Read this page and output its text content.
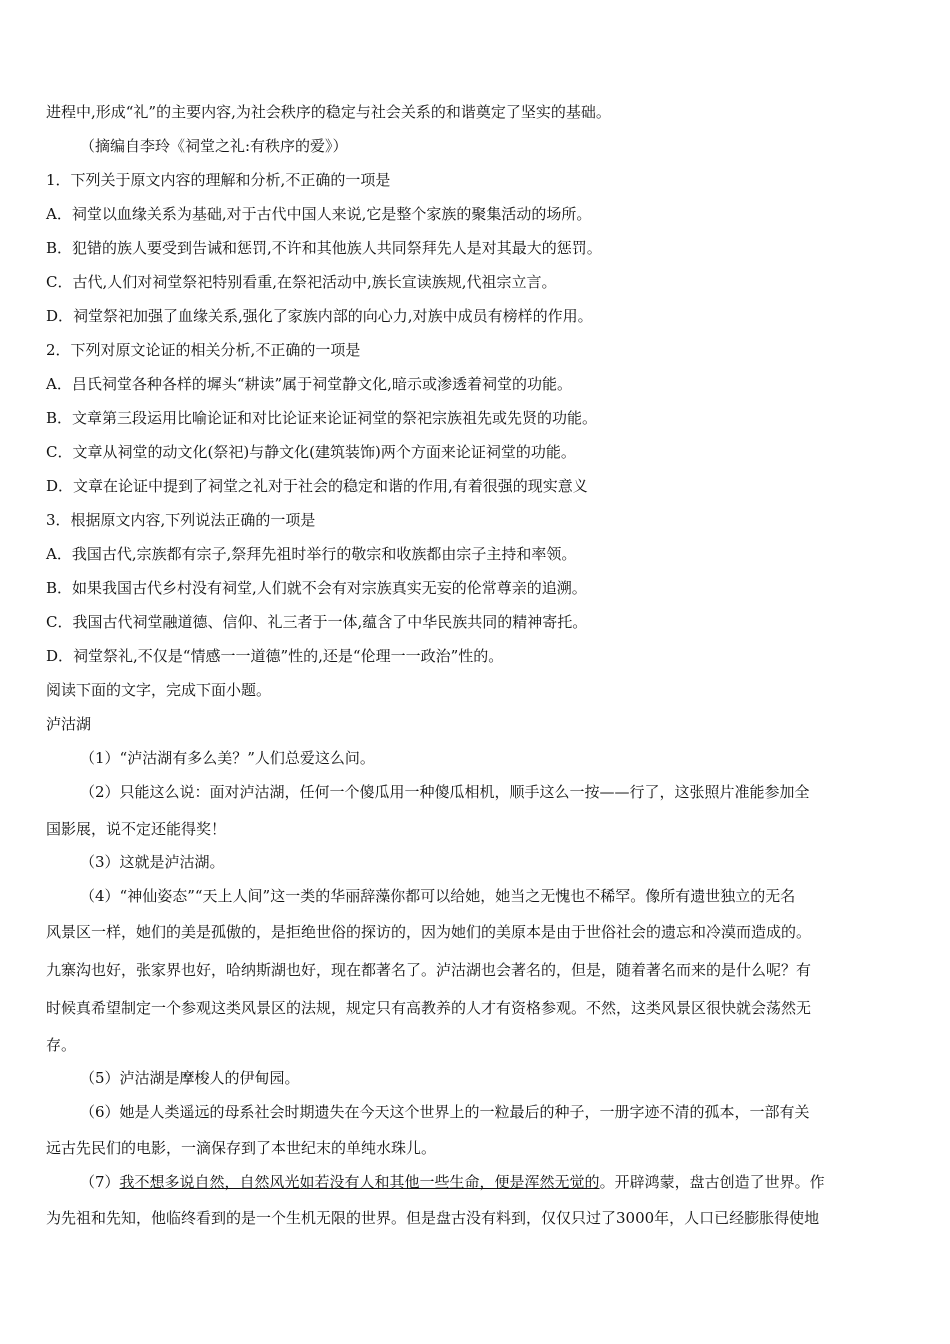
进程中,形成“礼”的主要内容,为社会秩序的稳定与社会关系的和谐奠定了坚实的基础。
（摘编自李玲《祠堂之礼:有秩序的爱》）
1．下列关于原文内容的理解和分析,不正确的一项是
A．祠堂以血缘关系为基础,对于古代中国人来说,它是整个家族的聚集活动的场所。
B．犯错的族人要受到告诫和惩罚,不许和其他族人共同祭拜先人是对其最大的惩罚。
C．古代,人们对祠堂祭祀特别看重,在祭祀活动中,族长宣读族规,代祖宗立言。
D．祠堂祭祀加强了血缘关系,强化了家族内部的向心力,对族中成员有榜样的作用。
2．下列对原文论证的相关分析,不正确的一项是
A．吕氏祠堂各种各样的墀头“耕读”属于祠堂静文化,暗示或渗透着祠堂的功能。
B．文章第三段运用比喻论证和对比论证来论证祠堂的祭祀宗族祖先或先贤的功能。
C．文章从祠堂的动文化(祭祀)与静文化(建筑装饰)两个方面来论证祠堂的功能。
D．文章在论证中提到了祠堂之礼对于社会的稳定和谐的作用,有着很强的现实意义
3．根据原文内容,下列说法正确的一项是
A．我国古代,宗族都有宗子,祭拜先祖时举行的敬宗和收族都由宗子主持和率领。
B．如果我国古代乡村没有祠堂,人们就不会有对宗族真实无妄的伦常尊亲的追溯。
C．我国古代祠堂融道德、信仰、礼三者于一体,蕴含了中华民族共同的精神寄托。
D．祠堂祭礼,不仅是“情感一一道德”性的,还是“伦理一一政治”性的。
阅读下面的文字，完成下面小题。
泸沽湖
（1）“泸沽湖有多么美？”人们总爱这么问。
（2）只能这么说：面对泸沽湖，任何一个傻瓜用一种傻瓜相机，顺手这么一按——行了，这张照片准能参加全
国影展，说不定还能得奖！
（3）这就是泸沽湖。
（4）“神仙姿态”“天上人间”这一类的华丽辞藻你都可以给她，她当之无愧也不稀罕。像所有遗世独立的无名
风景区一样，她们的美是孤傲的，是拒绝世俗的探访的，因为她们的美原本是由于世俗社会的遗忘和冷漠而造成的。
九寨沟也好，张家界也好，哈纳斯湖也好，现在都著名了。泸沽湖也会著名的，但是，随着著名而来的是什么呢？有
时候真希望制定一个参观这类风景区的法规，规定只有高教养的人才有资格参观。不然，这类风景区很快就会荡然无
存。
（5）泸沽湖是摩梭人的伊甸园。
（6）她是人类遥远的母系社会时期遗失在今天这个世界上的一粒最后的种子，一册字迹不清的孤本，一部有关
远古先民们的电影，一滴保存到了本世纪末的单纯水珠儿。
（7）我不想多说自然，自然风光如若没有人和其他一些生命，便是浑然无觉的。开辟鸿蒙，盘古创造了世界。作
为先祖和先知，他临终看到的是一个生机无限的世界。但是盘古没有料到，仅仅只过了3000年，人口已经膨胀得使地
